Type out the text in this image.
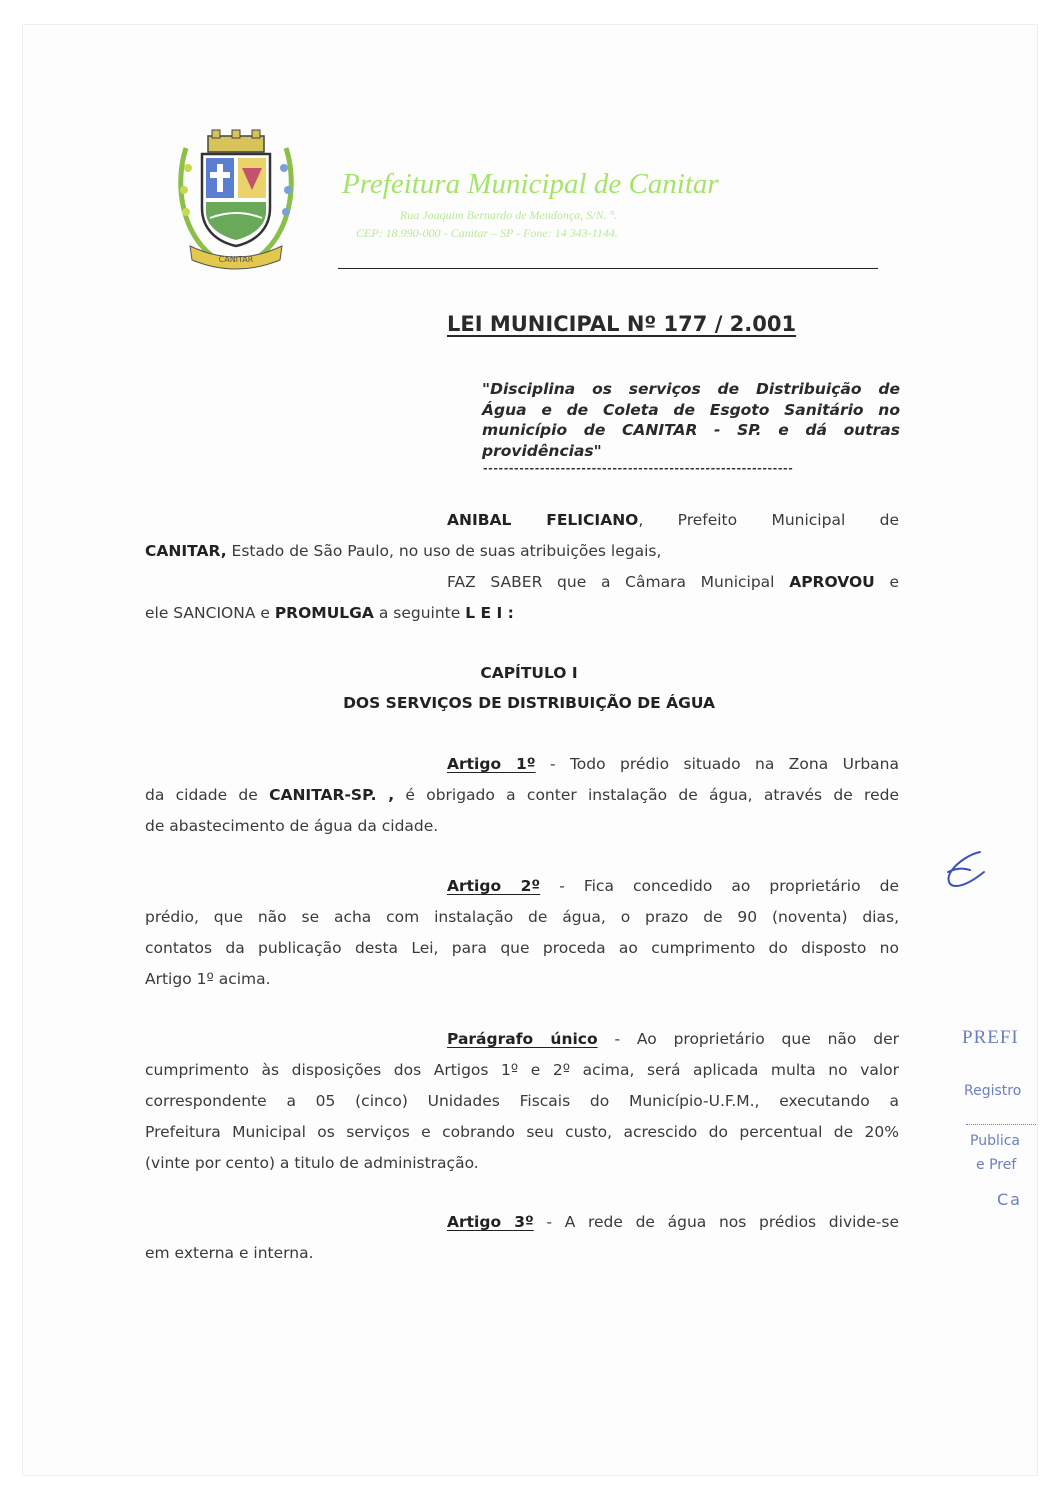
CANITAR
Prefeitura Municipal de Canitar
Rua Joaquim Bernardo de Mendonça, S/N. °.
CEP: 18.990-000 - Canitar – SP - Fone: 14 343-1144.
LEI MUNICIPAL Nº 177 / 2.001
"Disciplina os serviços de Distribuição de
Água e de Coleta de Esgoto Sanitário no
município de CANITAR - SP. e dá outras
providências"
------------------------------------------------------------
ANIBAL FELICIANO, Prefeito Municipal de
CANITAR, Estado de São Paulo, no uso de suas atribuições legais,
FAZ SABER que a Câmara Municipal APROVOU e
ele SANCIONA e PROMULGA a seguinte L E I :
CAPÍTULO I
DOS SERVIÇOS DE DISTRIBUIÇÃO DE ÁGUA
Artigo 1º - Todo prédio situado na Zona Urbana
da cidade de CANITAR-SP. , é obrigado a conter instalação de água, através de rede
de abastecimento de água da cidade.
Artigo 2º - Fica concedido ao proprietário de
prédio, que não se acha com instalação de água, o prazo de 90 (noventa) dias,
contatos da publicação desta Lei, para que proceda ao cumprimento do disposto no
Artigo 1º acima.
Parágrafo único - Ao proprietário que não der
cumprimento às disposições dos Artigos 1º e 2º acima, será aplicada multa no valor
correspondente a 05 (cinco) Unidades Fiscais do Município-U.F.M., executando a
Prefeitura Municipal os serviços e cobrando seu custo, acrescido do percentual de 20%
(vinte por cento) a titulo de administração.
Artigo 3º - A rede de água nos prédios divide-se
em externa e interna.
PREFI
Registro
Publica
e Pref
Ca
